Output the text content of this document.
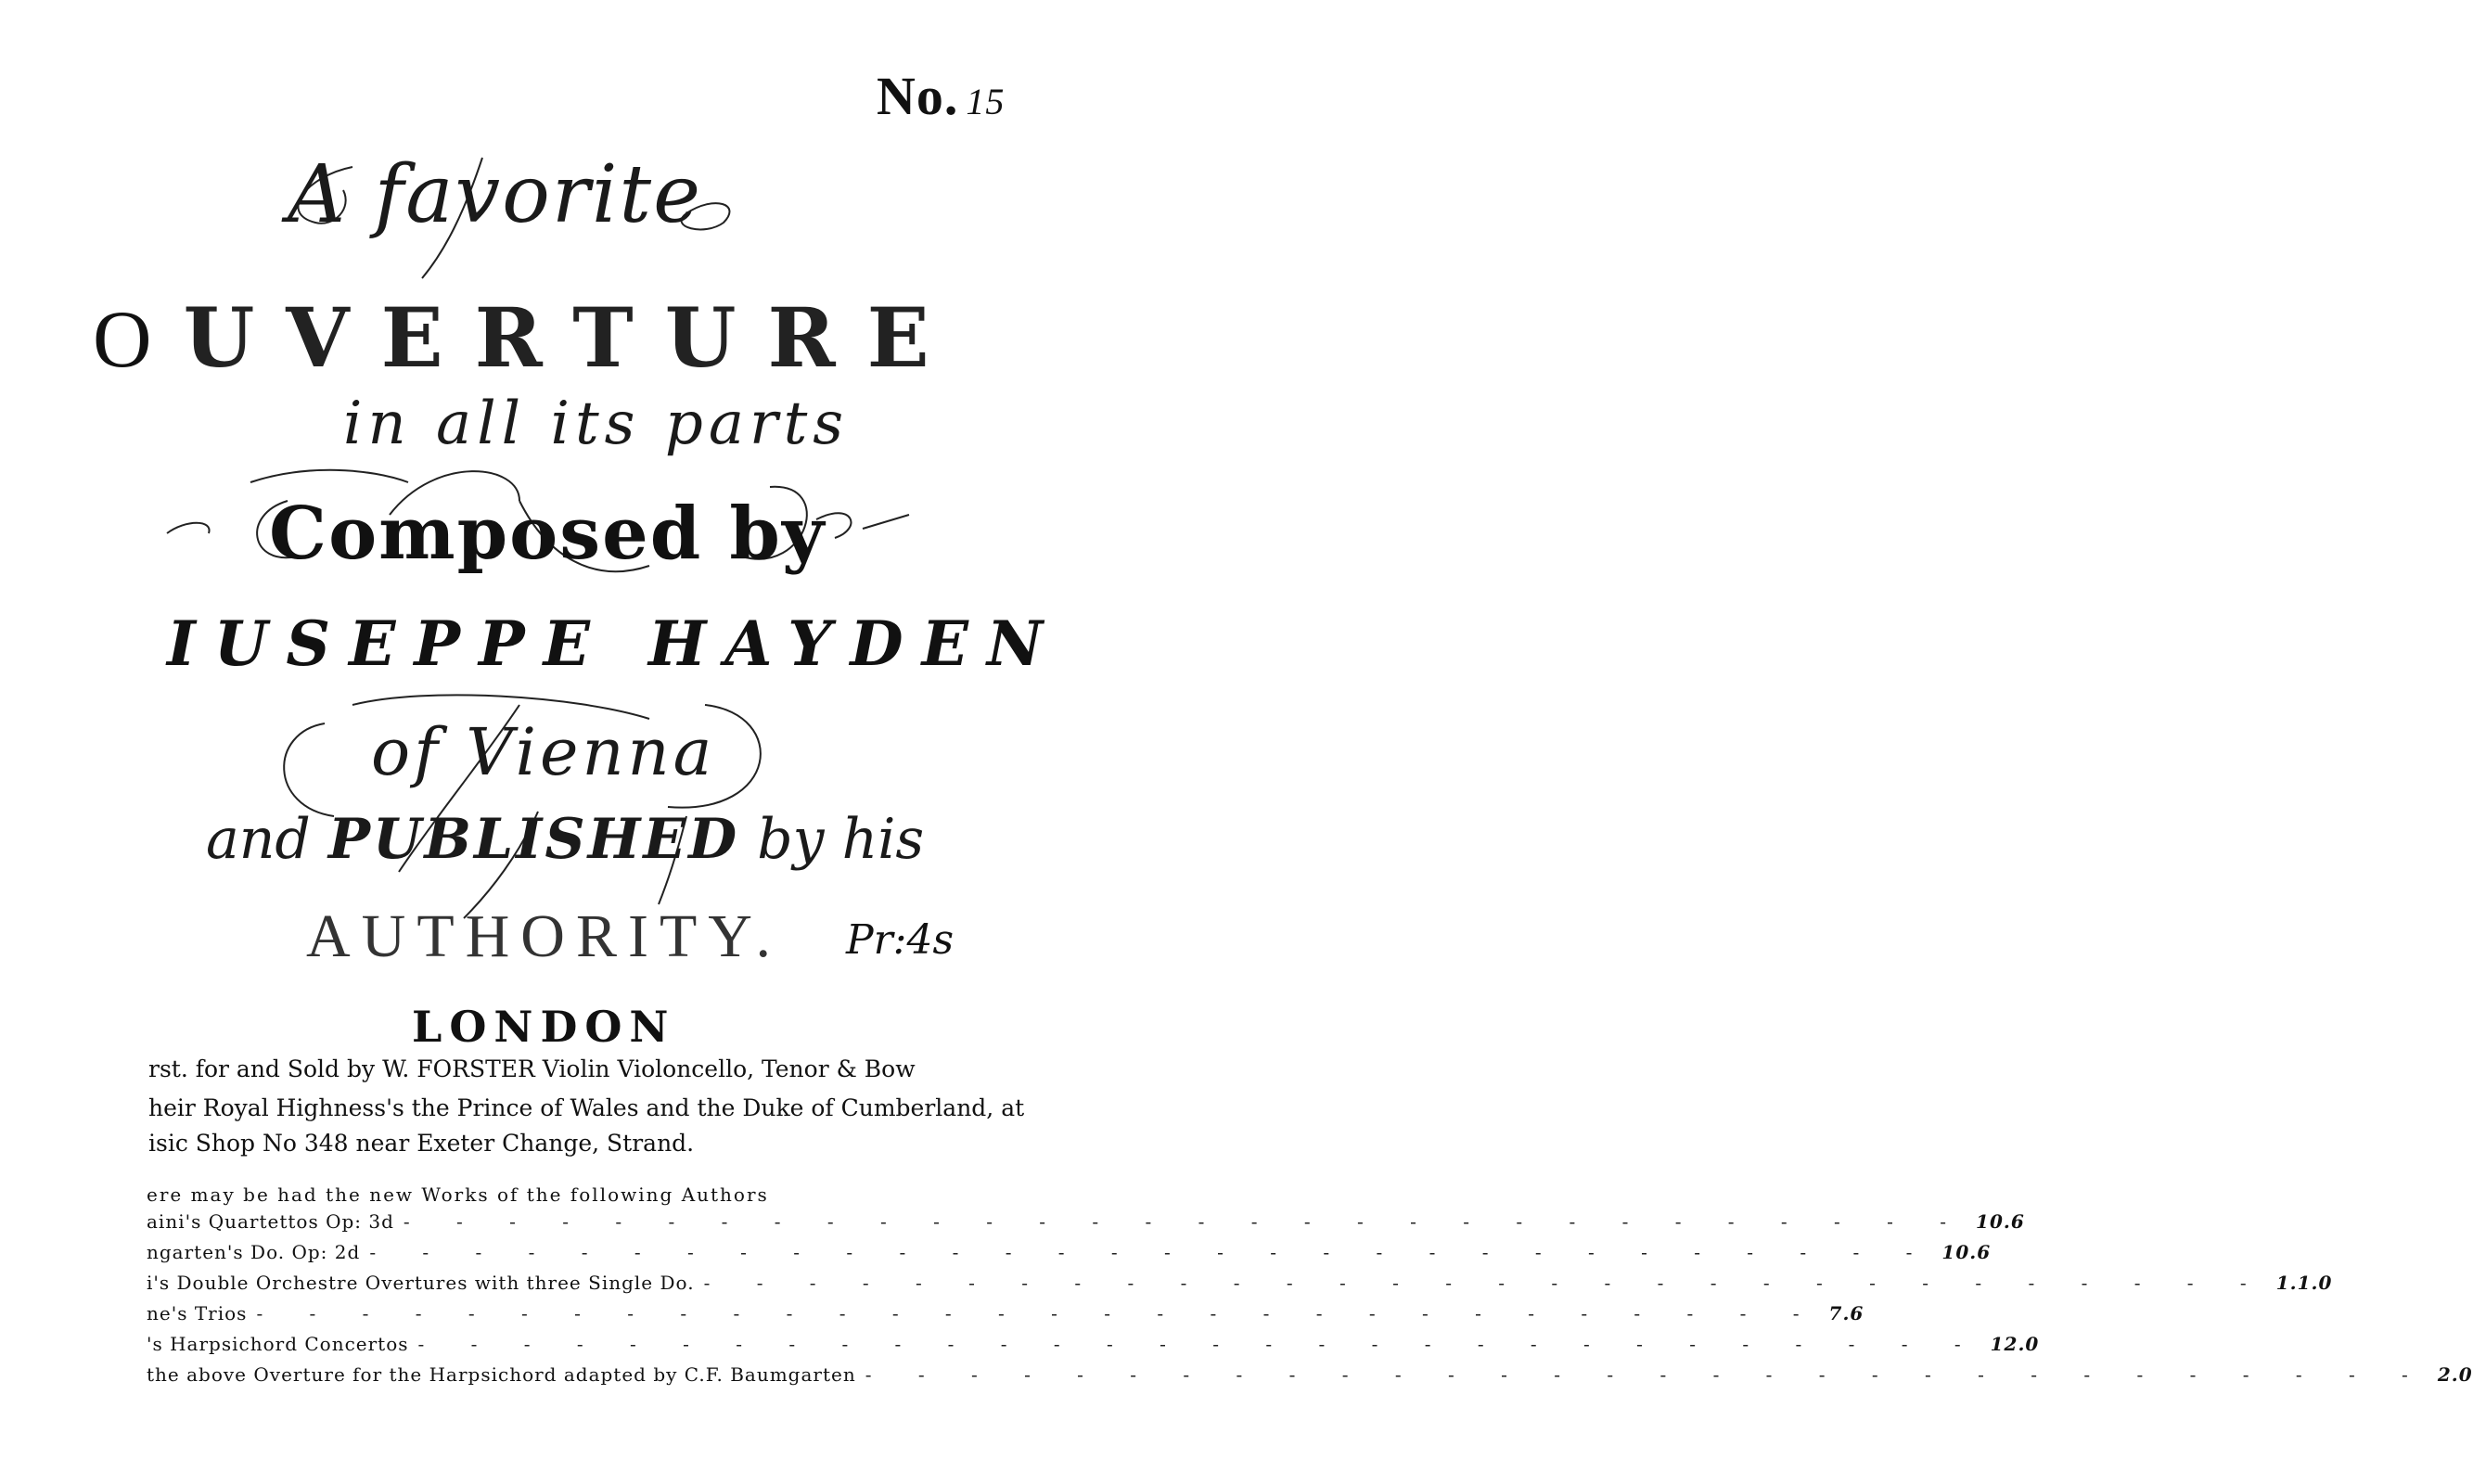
No. 15
A favorite
OUVERTURE
in all its parts
Composed by
IUSEPPE HAYDEN
of Vienna
and PUBLISHED by his
AUTHORITY. Pr:4s
LONDON
rst. for and Sold by W. FORSTER Violin Violoncello, Tenor & Bow
heir Royal Highness's the Prince of Wales and the Duke of Cumberland, at
isic Shop No 348 near Exeter Change, Strand.
ere may be had the new Works of the following Authors
aini's Quartettos Op: 3d - - - - - - - - - - - - - - - - - - - - - - - - - - - - - - 10.6
ngarten's Do. Op: 2d - - - - - - - - - - - - - - - - - - - - - - - - - - - - - - 10.6
i's Double Orchestre Overtures with three Single Do. - - - - - - - - - - - - - - - - - - - - - - - - - - - - - - 1.1.0
ne's Trios - - - - - - - - - - - - - - - - - - - - - - - - - - - - - - 7.6
's Harpsichord Concertos - - - - - - - - - - - - - - - - - - - - - - - - - - - - - - 12.0
the above Overture for the Harpsichord adapted by C.F. Baumgarten - - - - - - - - - - - - - - - - - - - - - - - - - - - - - - 2.0
